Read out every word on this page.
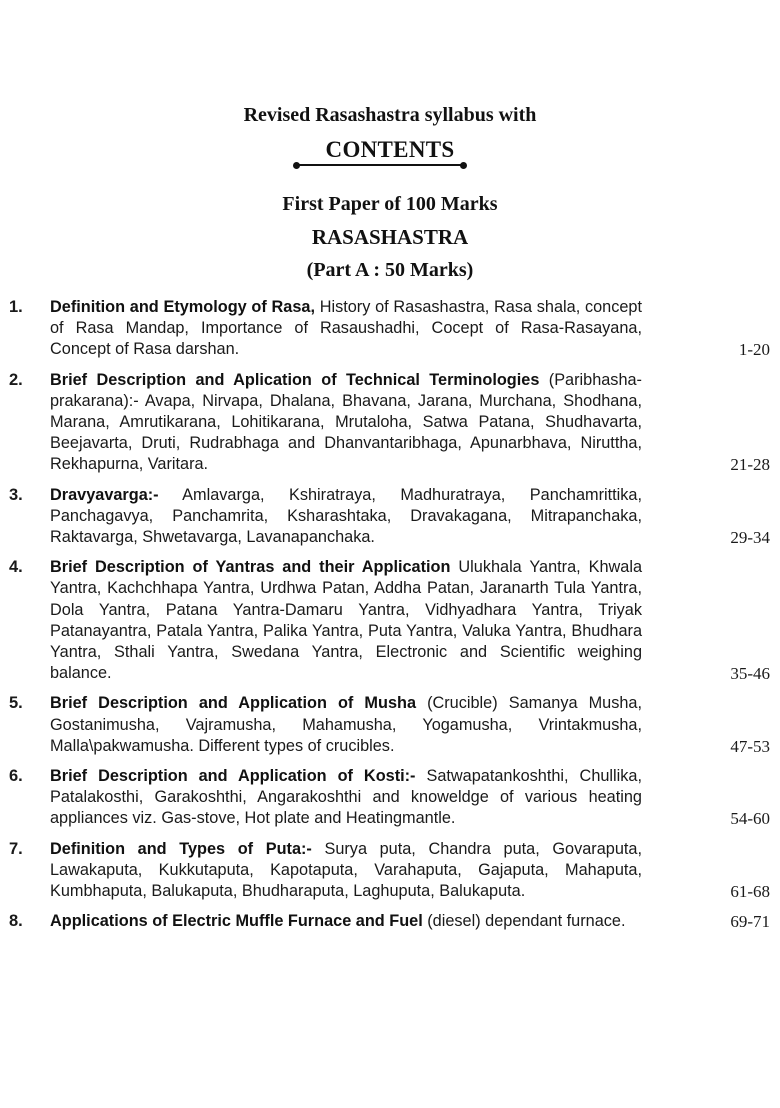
Revised Rasashastra syllabus with
CONTENTS
First Paper of 100 Marks
RASASHASTRA
(Part A : 50 Marks)
1. Definition and Etymology of Rasa, History of Rasashastra, Rasa shala, concept of Rasa Mandap, Importance of Rasaushadhi, Cocept of Rasa-Rasayana, Concept of Rasa darshan.	1-20
2. Brief Description and Aplication of Technical Terminologies (Paribhasha-prakarana):- Avapa, Nirvapa, Dhalana, Bhavana, Jarana, Murchana, Shodhana, Marana, Amrutikarana, Lohitikarana, Mrutaloha, Satwa Patana, Shudhavarta, Beejavarta, Druti, Rudrabhaga and Dhanvantaribhaga, Apunarbhava, Niruttha, Rekhapurna, Varitara.	21-28
3. Dravyavarga:- Amlavarga, Kshiratraya, Madhuratraya, Panchamrittika, Panchagavya, Panchamrita, Ksharashtaka, Dravakagana, Mitrapanchaka, Raktavarga, Shwetavarga, Lavanapanchaka.	29-34
4. Brief Description of Yantras and their Application Ulukhala Yantra, Khwala Yantra, Kachchhapa Yantra, Urdhwa Patan, Addha Patan, Jaranarth Tula Yantra, Dola Yantra, Patana Yantra-Damaru Yantra, Vidhyadhara Yantra, Triyak Patanayantra, Patala Yantra, Palika Yantra, Puta Yantra, Valuka Yantra, Bhudhara Yantra, Sthali Yantra, Swedana Yantra, Electronic and Scientific weighing balance.	35-46
5. Brief Description and Application of Musha (Crucible) Samanya Musha, Gostanimusha, Vajramusha, Mahamusha, Yogamusha, Vrintakmusha, Malla\pakwamusha. Different types of crucibles.	47-53
6. Brief Description and Application of Kosti:- Satwapatankoshthi, Chullika, Patalakosthi, Garakoshthi, Angarakoshthi and knoweldge of various heating appliances viz. Gas-stove, Hot plate and Heatingmantle.	54-60
7. Definition and Types of Puta:- Surya puta, Chandra puta, Govaraputa, Lawakaputa, Kukkutaputa, Kapotaputa, Varahaputa, Gajaputa, Mahaputa, Kumbhaputa, Balukaputa, Bhudharaputa, Laghuputa, Balukaputa.	61-68
8. Applications of Electric Muffle Furnace and Fuel (diesel) dependant furnace.	69-71
